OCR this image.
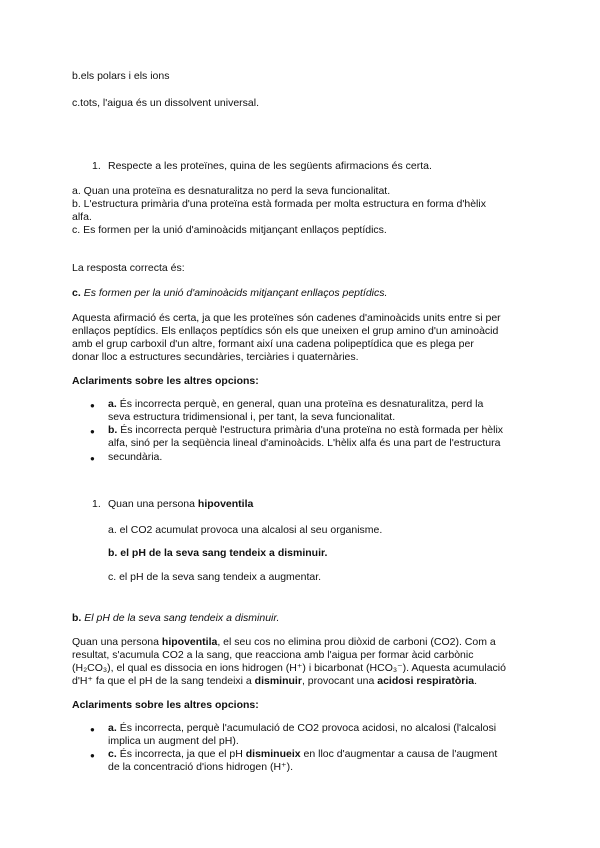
b.els polars i els ions
c.tots, l'aigua és un dissolvent universal.
1. Respecte a les proteïnes, quina de les següents afirmacions és certa.
a. Quan una proteïna es desnaturalitza no perd la seva funcionalitat.
b. L'estructura primària d'una proteïna està formada per molta estructura en forma d'hèlix
alfa.
c. Es formen per la unió d'aminoàcids mitjançant enllaços peptídics.
La resposta correcta és:
c. Es formen per la unió d'aminoàcids mitjançant enllaços peptídics.
Aquesta afirmació és certa, ja que les proteïnes són cadenes d'aminoàcids units entre si per
enllaços peptídics. Els enllaços peptídics són els que uneixen el grup amino d'un aminoàcid
amb el grup carboxil d'un altre, formant així una cadena polipeptídica que es plega per
donar lloc a estructures secundàries, terciàries i quaternàries.
Aclariments sobre les altres opcions:
● a. És incorrecta perquè, en general, quan una proteïna es desnaturalitza, perd la
seva estructura tridimensional i, per tant, la seva funcionalitat.
● b. És incorrecta perquè l'estructura primària d'una proteïna no està formada per hèlix
alfa, sinó per la seqüència lineal d'aminoàcids. L'hèlix alfa és una part de l'estructura
● secundària.
1. Quan una persona hipoventila
a. el CO2 acumulat provoca una alcalosi al seu organisme.
b. el pH de la seva sang tendeix a disminuir.
c. el pH de la seva sang tendeix a augmentar.
b. El pH de la seva sang tendeix a disminuir.
Quan una persona hipoventila, el seu cos no elimina prou diòxid de carboni (CO2). Com a
resultat, s'acumula CO2 a la sang, que reacciona amb l'aigua per formar àcid carbònic
(H₂CO₃), el qual es dissocia en ions hidrogen (H⁺) i bicarbonat (HCO₃⁻). Aquesta acumulació
d'H⁺ fa que el pH de la sang tendeixi a disminuir, provocant una acidosi respiratòria.
Aclariments sobre les altres opcions:
● a. És incorrecta, perquè l'acumulació de CO2 provoca acidosi, no alcalosi (l'alcalosi
implica un augment del pH).
● c. És incorrecta, ja que el pH disminueix en lloc d'augmentar a causa de l'augment
de la concentració d'ions hidrogen (H⁺).
